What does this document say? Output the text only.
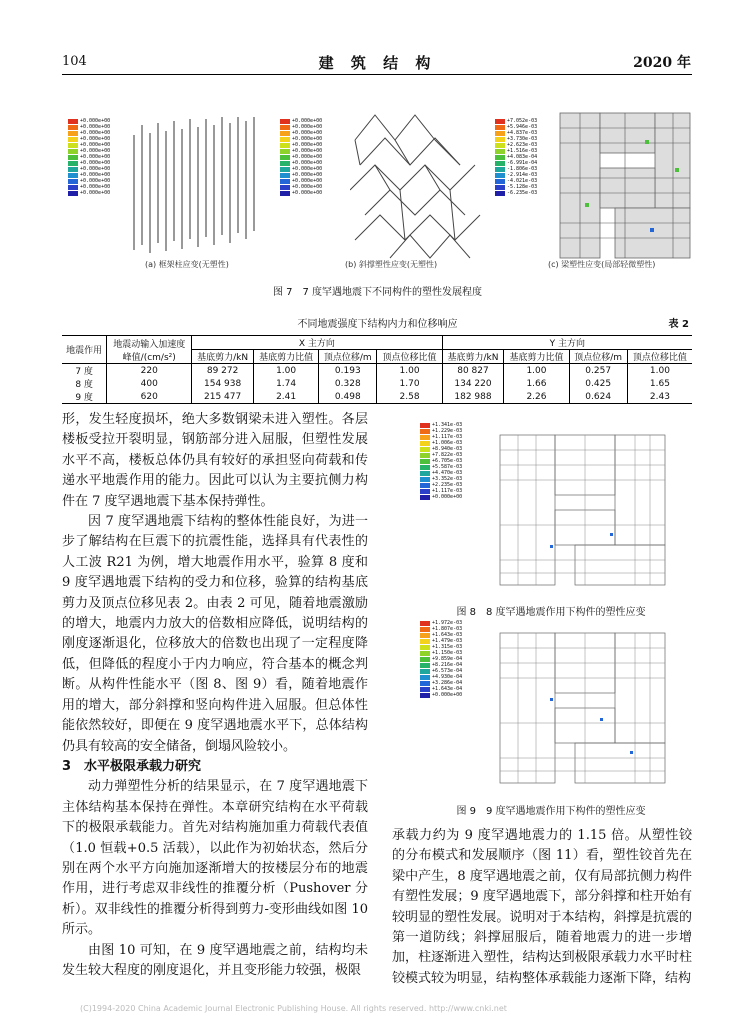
104	建 筑 结 构	2020 年
+0.000e+00
+0.000e+00
+0.000e+00
+0.000e+00
+0.000e+00
+0.000e+00
+0.000e+00
+0.000e+00
+0.000e+00
+0.000e+00
+0.000e+00
+0.000e+00
+0.000e+00
(a) 框架柱应变(无塑性)
+0.000e+00
+0.000e+00
+0.000e+00
+0.000e+00
+0.000e+00
+0.000e+00
+0.000e+00
+0.000e+00
+0.000e+00
+0.000e+00
+0.000e+00
+0.000e+00
+0.000e+00
(b) 斜撑塑性应变(无塑性)
+7.052e-03
+5.946e-03
+4.837e-03
+3.730e-03
+2.623e-03
+1.516e-03
+4.083e-04
-6.991e-04
-1.806e-03
-2.914e-03
-4.021e-03
-5.128e-03
-6.235e-03
(c) 梁塑性应变(局部轻微塑性)
图 7　7 度罕遇地震下不同构件的塑性发展程度
不同地震强度下结构内力和位移响应	表 2
地震作用	地震动输入加速度峰值/(cm/s²)	X 主方向				Y 主方向			
		基底剪力/kN	基底剪力比值	顶点位移/m	顶点位移比值	基底剪力/kN	基底剪力比值	顶点位移/m	顶点位移比值
7 度	220	89 272	1.00	0.193	1.00	80 827	1.00	0.257	1.00
8 度	400	154 938	1.74	0.328	1.70	134 220	1.66	0.425	1.65
9 度	620	215 477	2.41	0.498	2.58	182 988	2.26	0.624	2.43

形，发生轻度损坏，绝大多数钢梁未进入塑性。各层楼板受拉开裂明显，钢筋部分进入屈服，但塑性发展水平不高，楼板总体仍具有较好的承担竖向荷载和传递水平地震作用的能力。因此可以认为主要抗侧力构件在 7 度罕遇地震下基本保持弹性。

因 7 度罕遇地震下结构的整体性能良好，为进一步了解结构在巨震下的抗震性能，选择具有代表性的人工波 R21 为例，增大地震作用水平，验算 8 度和 9 度罕遇地震下结构的受力和位移，验算的结构基底剪力及顶点位移见表 2。由表 2 可见，随着地震激励的增大，地震内力放大的倍数相应降低，说明结构的刚度逐渐退化，位移放大的倍数也出现了一定程度降低，但降低的程度小于内力响应，符合基本的概念判断。从构件性能水平（图 8、图 9）看，随着地震作用的增大，部分斜撑和竖向构件进入屈服。但总体性能依然较好，即便在 9 度罕遇地震水平下，总体结构仍具有较高的安全储备，倒塌风险较小。

3　水平极限承载力研究

动力弹塑性分析的结果显示，在 7 度罕遇地震下主体结构基本保持在弹性。本章研究结构在水平荷载下的极限承载能力。首先对结构施加重力荷载代表值（1.0 恒载+0.5 活载），以此作为初始状态，然后分别在两个水平方向施加逐渐增大的按楼层分布的地震作用，进行考虑双非线性的推覆分析（Pushover 分析）。双非线性的推覆分析得到剪力-变形曲线如图 10 所示。

由图 10 可知，在 9 度罕遇地震之前，结构均未发生较大程度的刚度退化，并且变形能力较强，极限

+1.341e-03
+1.229e-03
+1.117e-03
+1.006e-03
+8.940e-03
+7.822e-03
+6.705e-03
+5.587e-03
+4.470e-03
+3.352e-03
+2.235e-03
+1.117e-03
+0.000e+00
图 8　8 度罕遇地震作用下构件的塑性应变
+1.972e-03
+1.807e-03
+1.643e-03
+1.479e-03
+1.315e-03
+1.150e-03
+9.859e-04
+8.216e-04
+6.573e-04
+4.930e-04
+3.286e-04
+1.643e-04
+0.000e+00
图 9　9 度罕遇地震作用下构件的塑性应变

承载力约为 9 度罕遇地震力的 1.15 倍。从塑性铰的分布模式和发展顺序（图 11）看，塑性铰首先在梁中产生，8 度罕遇地震之前，仅有局部抗侧力构件有塑性发展；9 度罕遇地震下，部分斜撑和柱开始有较明显的塑性发展。说明对于本结构，斜撑是抗震的第一道防线；斜撑屈服后，随着地震力的进一步增加，柱逐渐进入塑性，结构达到极限承载力水平时柱铰模式较为明显，结构整体承载能力逐渐下降，结构

(C)1994-2020 China Academic Journal Electronic Publishing House. All rights reserved. http://www.cnki.net
